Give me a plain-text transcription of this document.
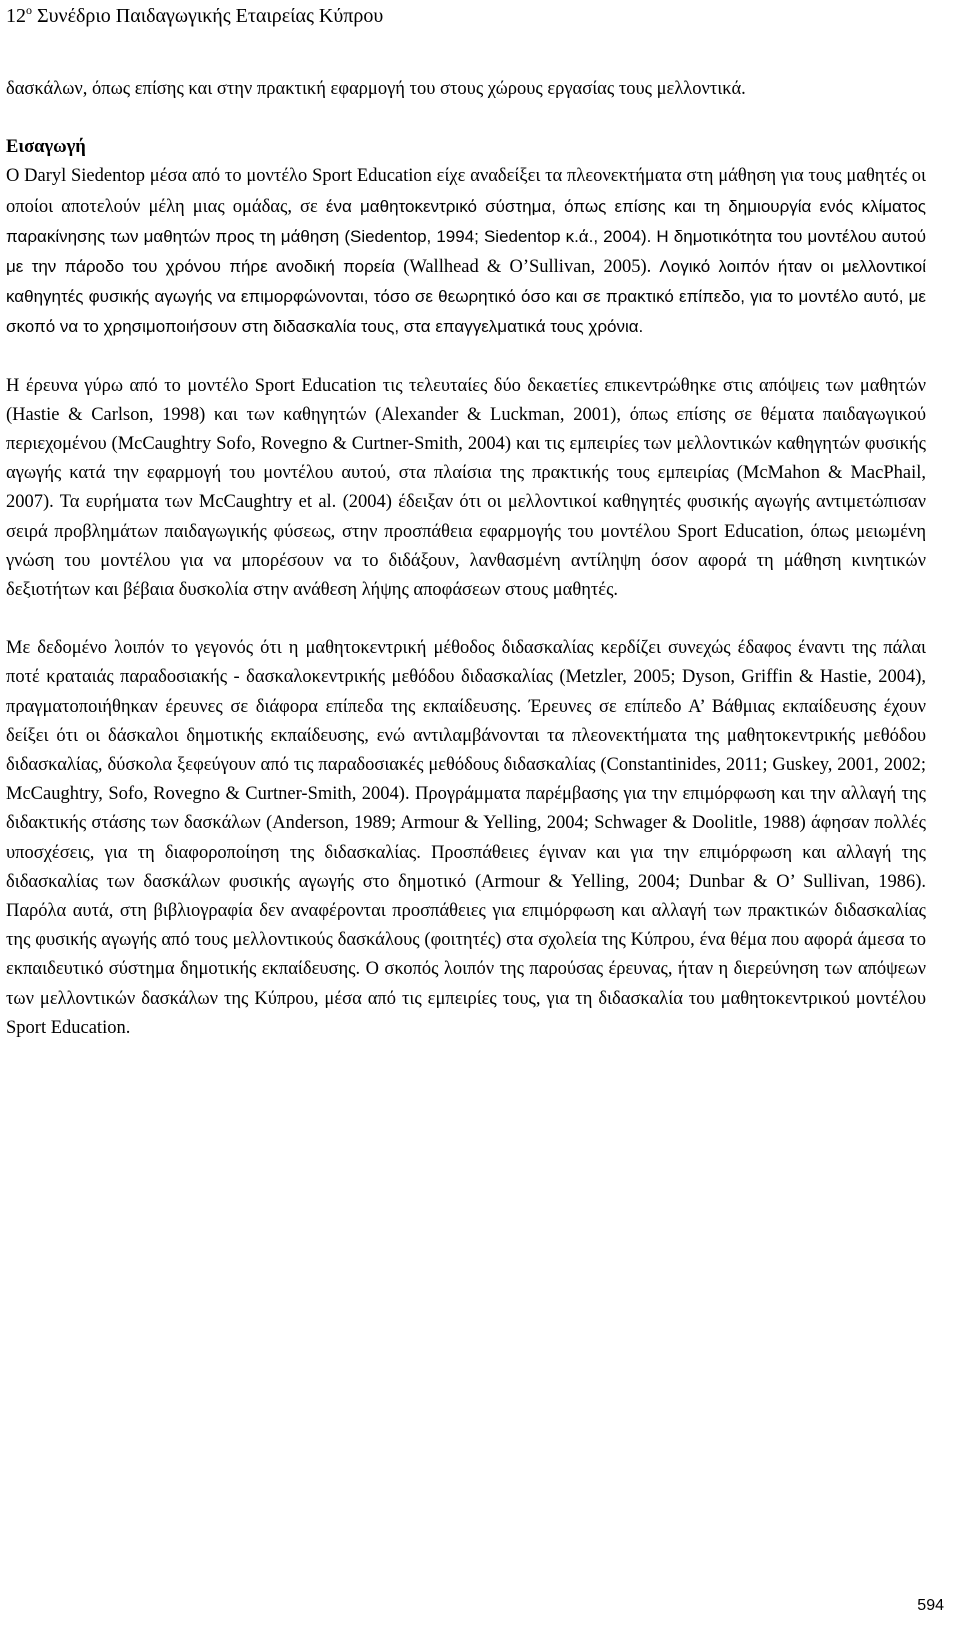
$12^o$ Συνέδριο Παιδαγωγικής Εταιρείας Κύπρου

δασκάλων, όπως επίσης και στην πρακτική εφαρμογή του στους χώρους εργασίας τους μελλοντικά.

Εισαγωγή

Ο Daryl Siedentop μέσα από το μοντέλο Sport Education είχε αναδείξει τα πλεονεκτήματα στη μάθηση για τους μαθητές οι οποίοι αποτελούν μέλη μιας ομάδας, σε ένα μαθητοκεντρικό σύστημα, όπως επίσης και τη δημιουργία ενός κλίματος παρακίνησης των μαθητών προς τη μάθηση (Siedentop, 1994; Siedentop κ.ά., 2004). Η δημοτικότητα του μοντέλου αυτού με την πάροδο του χρόνου πήρε ανοδική πορεία (Wallhead & O’Sullivan, 2005). Λογικό λοιπόν ήταν οι μελλοντικοί καθηγητές φυσικής αγωγής να επιμορφώνονται, τόσο σε θεωρητικό όσο και σε πρακτικό επίπεδο, για το μοντέλο αυτό, με σκοπό να το χρησιμοποιήσουν στη διδασκαλία τους, στα επαγγελματικά τους χρόνια.

Η έρευνα γύρω από το μοντέλο Sport Education τις τελευταίες δύο δεκαετίες επικεντρώθηκε στις απόψεις των μαθητών (Hastie & Carlson, 1998) και των καθηγητών (Alexander & Luckman, 2001), όπως επίσης σε θέματα παιδαγωγικού περιεχομένου (McCaughtry Sofo, Rovegno & Curtner-Smith, 2004) και τις εμπειρίες των μελλοντικών καθηγητών φυσικής αγωγής κατά την εφαρμογή του μοντέλου αυτού, στα πλαίσια της πρακτικής τους εμπειρίας (McMahon & MacPhail, 2007). Τα ευρήματα των McCaughtry et al. (2004) έδειξαν ότι οι μελλοντικοί καθηγητές φυσικής αγωγής αντιμετώπισαν σειρά προβλημάτων παιδαγωγικής φύσεως, στην προσπάθεια εφαρμογής του μοντέλου Sport Education, όπως μειωμένη γνώση του μοντέλου για να μπορέσουν να το διδάξουν, λανθασμένη αντίληψη όσον αφορά τη μάθηση κινητικών δεξιοτήτων και βέβαια δυσκολία στην ανάθεση λήψης αποφάσεων στους μαθητές.

Με δεδομένο λοιπόν το γεγονός ότι η μαθητοκεντρική μέθοδος διδασκαλίας κερδίζει συνεχώς έδαφος έναντι της πάλαι ποτέ κραταιάς παραδοσιακής - δασκαλοκεντρικής μεθόδου διδασκαλίας (Metzler, 2005; Dyson, Griffin & Hastie, 2004), πραγματοποιήθηκαν έρευνες σε διάφορα επίπεδα της εκπαίδευσης. Έρευνες σε επίπεδο Α’ Βάθμιας εκπαίδευσης έχουν δείξει ότι οι δάσκαλοι δημοτικής εκπαίδευσης, ενώ αντιλαμβάνονται τα πλεονεκτήματα της μαθητοκεντρικής μεθόδου διδασκαλίας, δύσκολα ξεφεύγουν από τις παραδοσιακές μεθόδους διδασκαλίας (Constantinides, 2011; Guskey, 2001, 2002; McCaughtry, Sofo, Rovegno & Curtner-Smith, 2004). Προγράμματα παρέμβασης για την επιμόρφωση και την αλλαγή της διδακτικής στάσης των δασκάλων (Anderson, 1989; Armour & Yelling, 2004; Schwager & Doolitle, 1988) άφησαν πολλές υποσχέσεις, για τη διαφοροποίηση της διδασκαλίας. Προσπάθειες έγιναν και για την επιμόρφωση και αλλαγή της διδασκαλίας των δασκάλων φυσικής αγωγής στο δημοτικό (Armour & Yelling, 2004; Dunbar & O’ Sullivan, 1986). Παρόλα αυτά, στη βιβλιογραφία δεν αναφέρονται προσπάθειες για επιμόρφωση και αλλαγή των πρακτικών διδασκαλίας της φυσικής αγωγής από τους μελλοντικούς δασκάλους (φοιτητές) στα σχολεία της Κύπρου, ένα θέμα που αφορά άμεσα το εκπαιδευτικό σύστημα δημοτικής εκπαίδευσης. Ο σκοπός λοιπόν της παρούσας έρευνας, ήταν η διερεύνηση των απόψεων των μελλοντικών δασκάλων της Κύπρου, μέσα από τις εμπειρίες τους, για τη διδασκαλία του μαθητοκεντρικού μοντέλου Sport Education.

594
